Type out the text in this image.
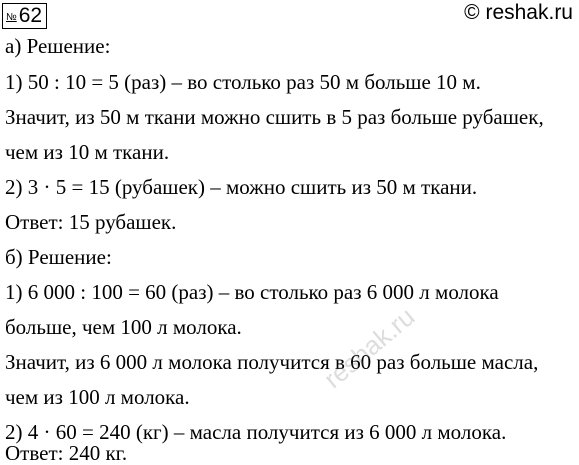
№ 62	© reshak.ru
а) Решение:
1) 50 : 10 = 5 (раз) – во столько раз 50 м больше 10 м.
Значит, из 50 м ткани можно сшить в 5 раз больше рубашек,
чем из 10 м ткани.
2) 3 · 5 = 15 (рубашек) – можно сшить из 50 м ткани.
Ответ: 15 рубашек.
б) Решение:
1) 6 000 : 100 = 60 (раз) – во столько раз 6 000 л молока
больше, чем 100 л молока.
Значит, из 6 000 л молока получится в 60 раз больше масла,
чем из 100 л молока.
2) 4 · 60 = 240 (кг) – масла получится из 6 000 л молока.
Ответ: 240 кг.
reshak.ru
